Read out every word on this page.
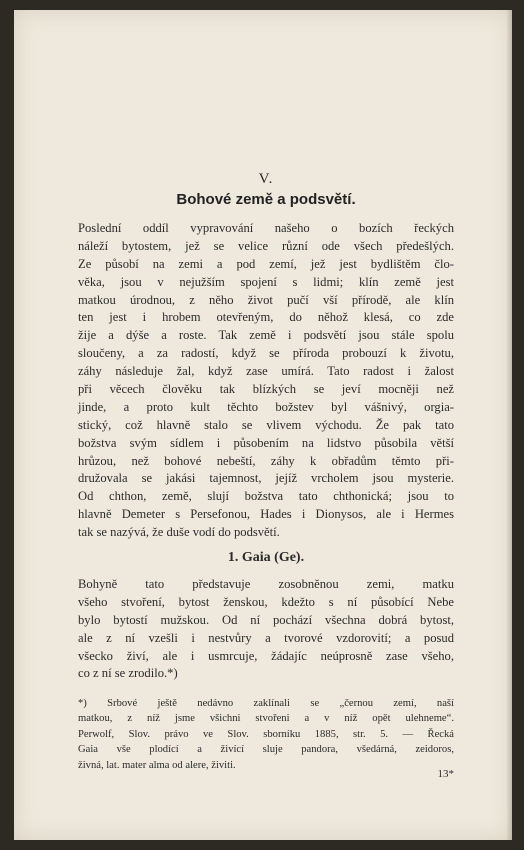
V.
Bohové země a podsvětí.
Poslední oddíl vypravování našeho o bozích řeckých
náleží bytostem, jež se velice různí ode všech předešlých.
Ze působí na zemi a pod zemí, jež jest bydlištěm člo-
věka, jsou v nejužším spojení s lidmi; klín země jest
matkou úrodnou, z něho život pučí vší přírodě, ale klín
ten jest i hrobem otevřeným, do něhož klesá, co zde
žije a dýše a roste. Tak země i podsvětí jsou stále spolu
sloučeny, a za radostí, když se příroda probouzí k životu,
záhy následuje žal, když zase umírá. Tato radost i žalost
při věcech člověku tak blízkých se jeví mocněji než
jinde, a proto kult těchto božstev byl vášnivý, orgia-
stický, což hlavně stalo se vlivem východu. Že pak tato
božstva svým sídlem i působením na lidstvo působila větší
hrůzou, než bohové nebeští, záhy k obřadům těmto při-
družovala se jakási tajemnost, jejíž vrcholem jsou mysterie.
Od chthon, země, slují božstva tato chthonická; jsou to
hlavně Demeter s Persefonou, Hades i Dionysos, ale i Hermes
tak se nazývá, že duše vodí do podsvětí.
1. Gaia (Ge).
Bohyně tato představuje zosobněnou zemi, matku
všeho stvoření, bytost ženskou, kdežto s ní působící Nebe
bylo bytostí mužskou. Od ní pochází všechna dobrá bytost,
ale z ní vzešli i nestvůry a tvorové vzdorovití; a posud
všecko živí, ale i usmrcuje, žádajíc neúprosně zase všeho,
co z ní se zrodilo.*)
*) Srbové ještě nedávno zaklínali se „černou zemí, naší
matkou, z níž jsme všichni stvořeni a v níž opět ulehneme“.
Perwolf, Slov. právo ve Slov. sborníku 1885, str. 5. — Řecká
Gaia vše plodící a živící sluje pandora, všedárná, zeidoros,
živná, lat. mater alma od alere, živiti.
13*
